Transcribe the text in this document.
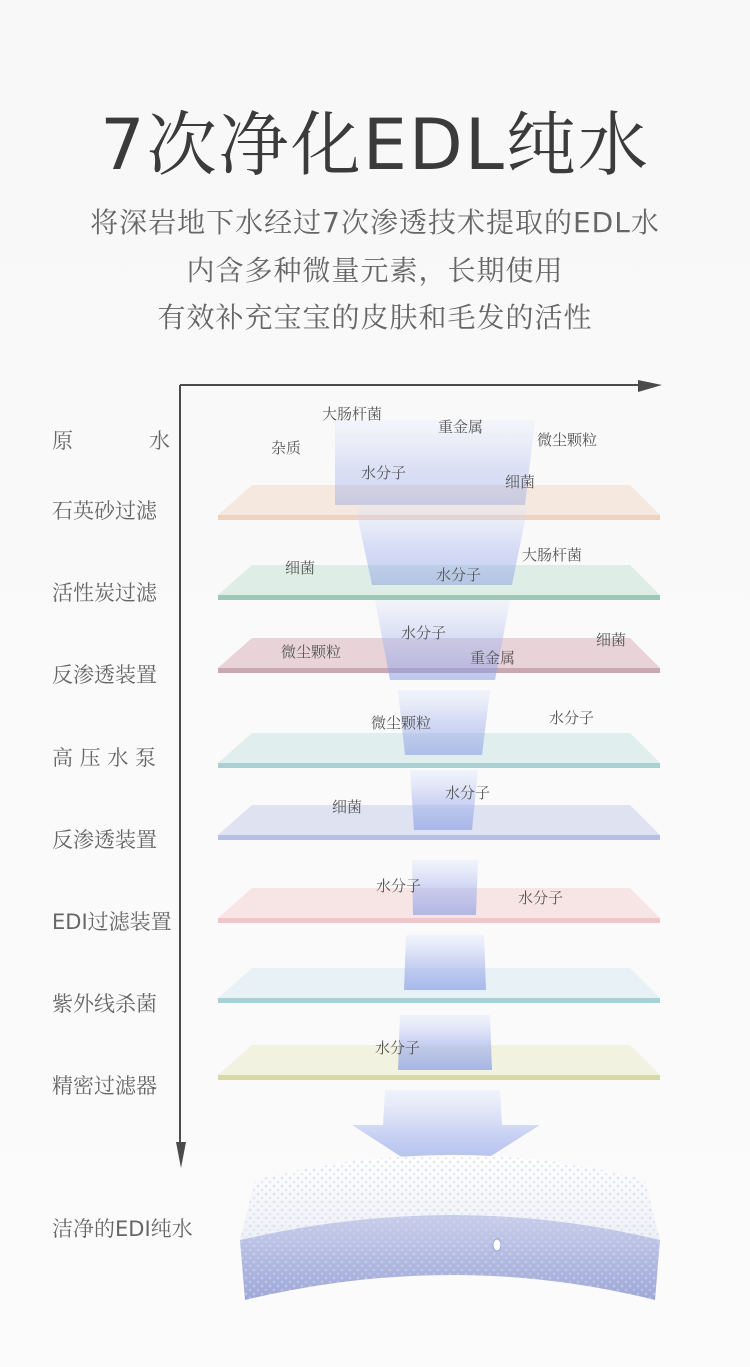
7次净化EDL纯水
将深岩地下水经过7次渗透技术提取的EDL水
内含多种微量元素，长期使用
有效补充宝宝的皮肤和毛发的活性
原 水
石英砂过滤
活性炭过滤
反渗透装置
高 压 水 泵
反渗透装置
EDI过滤装置
紫外线杀菌
精密过滤器
洁净的EDI纯水
大肠杆菌
重金属
微尘颗粒
杂质
水分子	细菌
细菌	水分子
大肠杆菌
水分子	细菌
微尘颗粒	重金属
微尘颗粒	水分子
水分子
细菌
水分子
水分子
水分子
